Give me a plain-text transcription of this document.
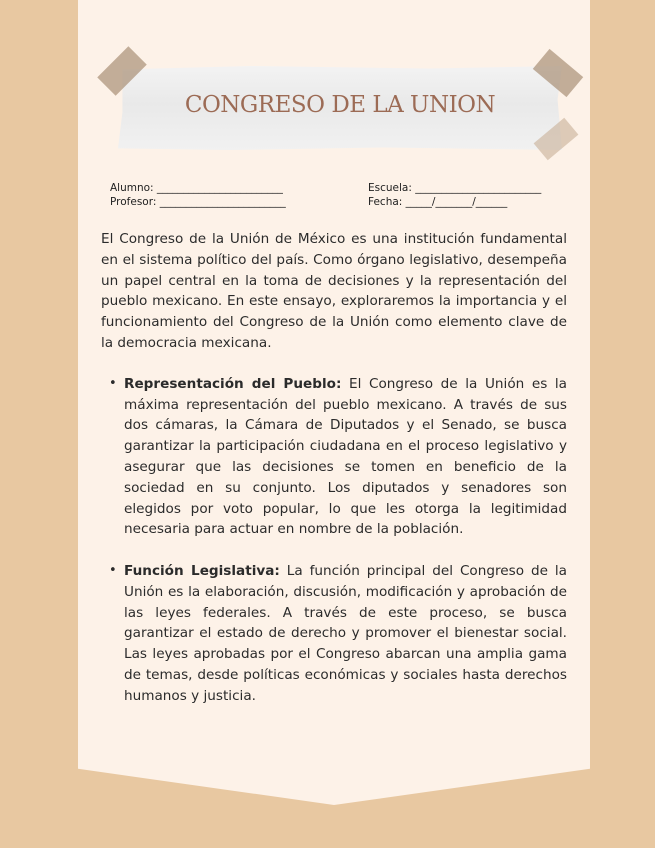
CONGRESO DE LA UNION
Alumno: ________________________
Profesor: ________________________
Escuela: ________________________
Fecha: _____/_______/______

El Congreso de la Unión de México es una institución fundamental en el sistema político del país. Como órgano legislativo, desempeña un papel central en la toma de decisiones y la representación del pueblo mexicano. En este ensayo, exploraremos la importancia y el funcionamiento del Congreso de la Unión como elemento clave de la democracia mexicana.

• Representación del Pueblo: El Congreso de la Unión es la máxima representación del pueblo mexicano. A través de sus dos cámaras, la Cámara de Diputados y el Senado, se busca garantizar la participación ciudadana en el proceso legislativo y asegurar que las decisiones se tomen en beneficio de la sociedad en su conjunto. Los diputados y senadores son elegidos por voto popular, lo que les otorga la legitimidad necesaria para actuar en nombre de la población.
• Función Legislativa: La función principal del Congreso de la Unión es la elaboración, discusión, modificación y aprobación de las leyes federales. A través de este proceso, se busca garantizar el estado de derecho y promover el bienestar social. Las leyes aprobadas por el Congreso abarcan una amplia gama de temas, desde políticas económicas y sociales hasta derechos humanos y justicia.
